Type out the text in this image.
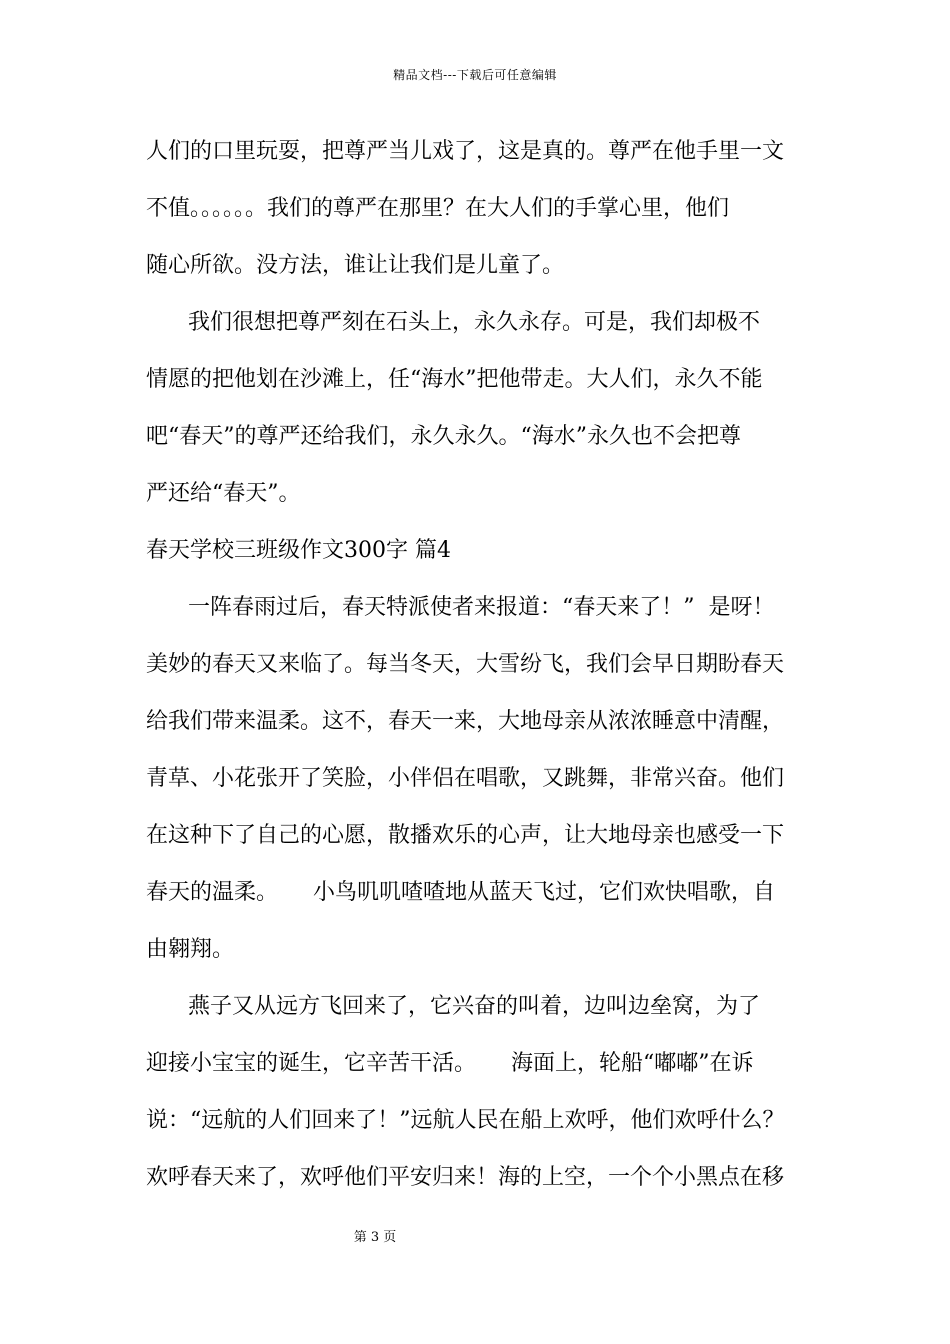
精品文档---下载后可任意编辑
人们的口里玩耍，把尊严当儿戏了，这是真的。尊严在他手里一文
不值。。。。。。我们的尊严在那里？在大人们的手掌心里，他们
随心所欲。没方法，谁让让我们是儿童了。
我们很想把尊严刻在石头上，永久永存。可是，我们却极不
情愿的把他划在沙滩上，任“海水”把他带走。大人们，永久不能
吧“春天”的尊严还给我们，永久永久。“海水”永久也不会把尊
严还给“春天”。
春天学校三班级作文300字 篇4
一阵春雨过后，春天特派使者来报道：“春天来了！”  是呀！
美妙的春天又来临了。每当冬天，大雪纷飞，我们会早日期盼春天
给我们带来温柔。这不，春天一来，大地母亲从浓浓睡意中清醒，
青草、小花张开了笑脸，小伴侣在唱歌，又跳舞，非常兴奋。他们
在这种下了自己的心愿，散播欢乐的心声，让大地母亲也感受一下
春天的温柔。     小鸟叽叽喳喳地从蓝天飞过，它们欢快唱歌，自
由翱翔。
燕子又从远方飞回来了，它兴奋的叫着，边叫边垒窝，为了
迎接小宝宝的诞生，它辛苦干活。     海面上，轮船“嘟嘟”在诉
说：“远航的人们回来了！”远航人民在船上欢呼，他们欢呼什么？
欢呼春天来了，欢呼他们平安归来！海的上空，一个个小黑点在移
第 3 页
